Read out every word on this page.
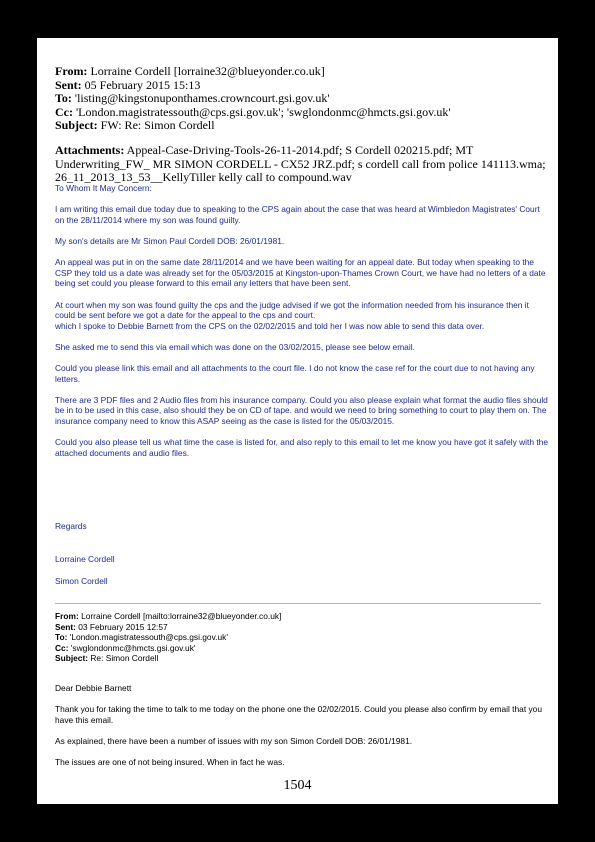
From: Lorraine Cordell [lorraine32@blueyonder.co.uk]
Sent: 05 February 2015 15:13
To: 'listing@kingstonuponthames.crowncourt.gsi.gov.uk'
Cc: 'London.magistratessouth@cps.gsi.gov.uk'; 'swglondonmc@hmcts.gsi.gov.uk'
Subject: FW: Re: Simon Cordell
Attachments: Appeal-Case-Driving-Tools-26-11-2014.pdf; S Cordell 020215.pdf; MT Underwriting_FW_ MR SIMON CORDELL - CX52 JRZ.pdf; s cordell call from police 141113.wma; 26_11_2013_13_53__KellyTiller kelly call to compound.wav

To Whom It May Concern:

I am writing this email due today due to speaking to the CPS again about the case that was heard at Wimbledon Magistrates' Court on the 28/11/2014 where my son was found guilty.

My son's details are Mr Simon Paul Cordell DOB: 26/01/1981.

An appeal was put in on the same date 28/11/2014 and we have been waiting for an appeal date. But today when speaking to the CSP they told us a date was already set for the 05/03/2015 at Kingston-upon-Thames Crown Court, we have had no letters of a date being set could you please forward to this email any letters that have been sent.

At court when my son was found guilty the cps and the judge advised if we got the information needed from his insurance then it could be sent before we got a date for the appeal to the cps and court.
which I spoke to Debbie Barnett from the CPS on the 02/02/2015 and told her I was now able to send this data over.

She asked me to send this via email which was done on the 03/02/2015, please see below email.

Could you please link this email and all attachments to the court file. I do not know the case ref for the court due to not having any letters.

There are 3 PDF files and 2 Audio files from his insurance company. Could you also please explain what format the audio files should be in to be used in this case, also should they be on CD of tape. and would we need to bring something to court to play them on. The insurance company need to know this ASAP seeing as the case is listed for the 05/03/2015.

Could you also please tell us what time the case is listed for, and also reply to this email to let me know you have got it safely with the attached documents and audio files.

Regards
Lorraine Cordell
Simon Cordell
From: Lorraine Cordell [mailto:lorraine32@blueyonder.co.uk]
Sent: 03 February 2015 12:57
To: 'London.magistratessouth@cps.gsi.gov.uk'
Cc: 'swglondonmc@hmcts.gsi.gov.uk'
Subject: Re: Simon Cordell

Dear Debbie Barnett

Thank you for taking the time to talk to me today on the phone one the 02/02/2015. Could you please also confirm by email that you have this email.

As explained, there have been a number of issues with my son Simon Cordell DOB: 26/01/1981.

The issues are one of not being insured. When in fact he was.

1504
